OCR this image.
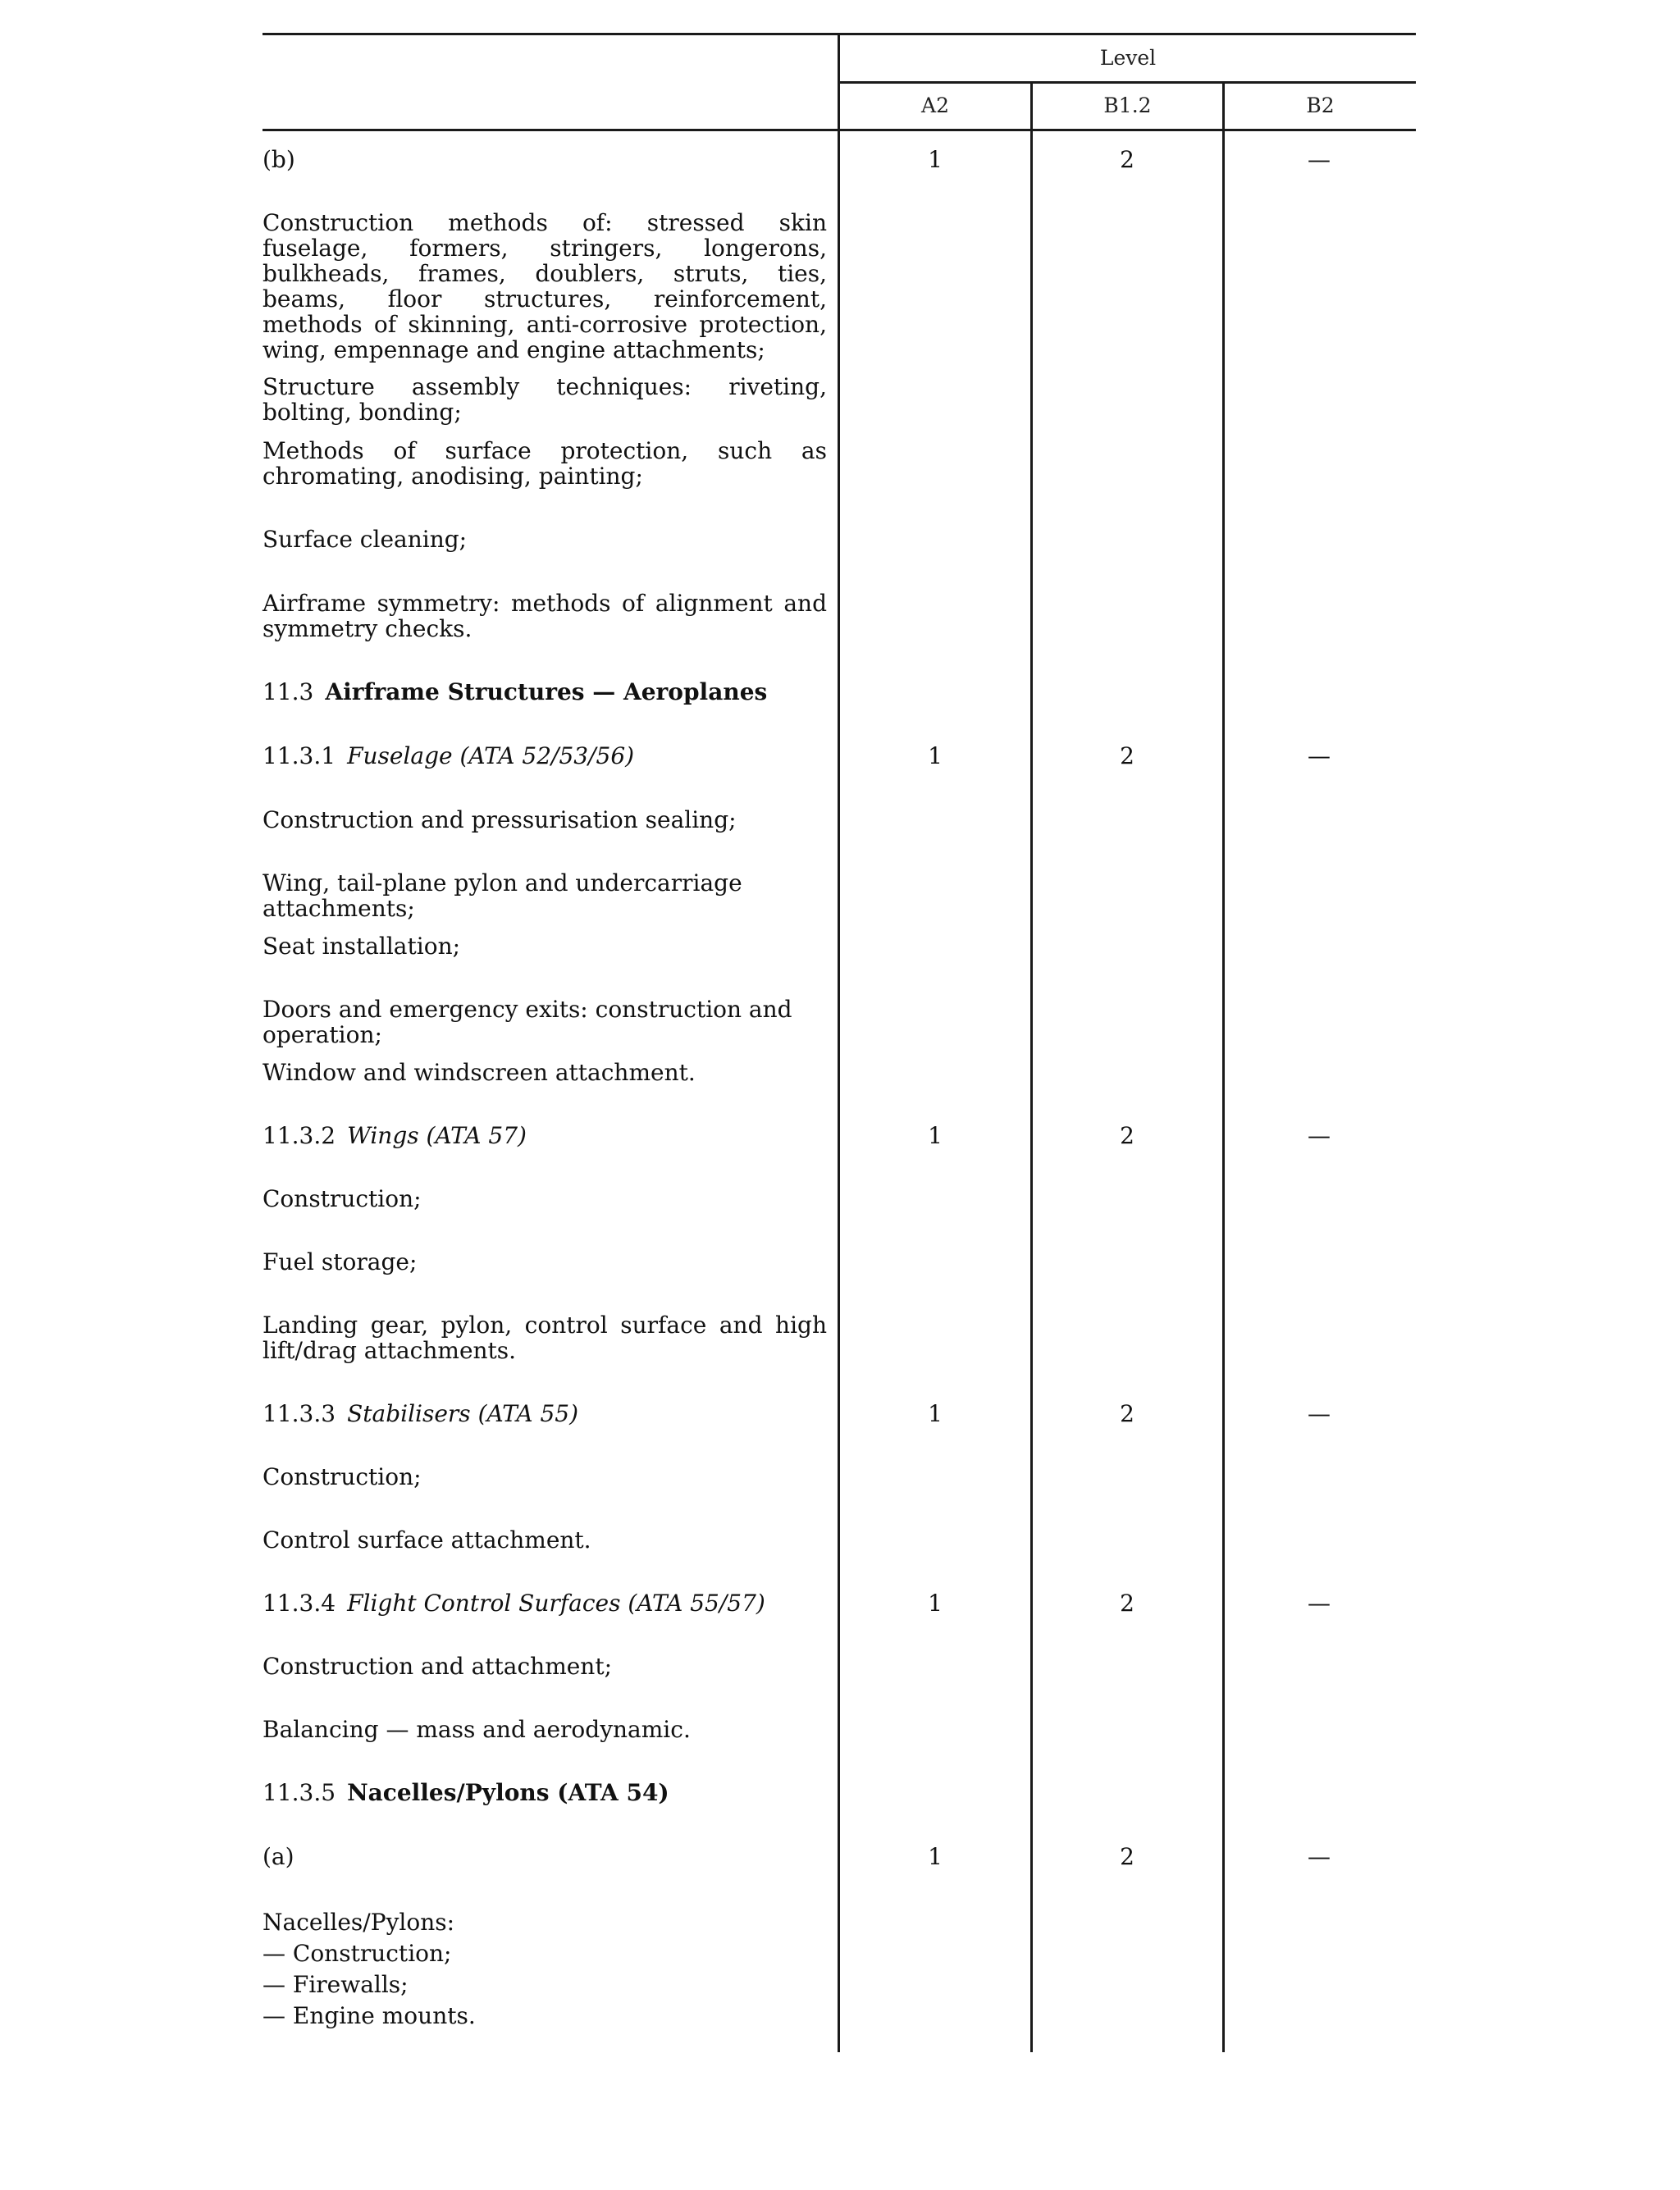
Level
A2	B1.2	B2
(b)	1	2	—
Construction methods of: stressed skin fuselage, formers, stringers, longerons, bulkheads, frames, doublers, struts, ties, beams, floor structures, reinforcement, methods of skinning, anti-corrosive protection, wing, empennage and engine attachments;
Structure assembly techniques: riveting, bolting, bonding;
Methods of surface protection, such as chromating, anodising, painting;
Surface cleaning;
Airframe symmetry: methods of alignment and symmetry checks.
11.3 Airframe Structures — Aeroplanes
11.3.1 Fuselage (ATA 52/53/56)	1	2	—
Construction and pressurisation sealing;
Wing, tail-plane pylon and undercarriage attachments;
Seat installation;
Doors and emergency exits: construction and operation;
Window and windscreen attachment.
11.3.2 Wings (ATA 57)	1	2	—
Construction;
Fuel storage;
Landing gear, pylon, control surface and high lift/drag attachments.
11.3.3 Stabilisers (ATA 55)	1	2	—
Construction;
Control surface attachment.
11.3.4 Flight Control Surfaces (ATA 55/57)	1	2	—
Construction and attachment;
Balancing — mass and aerodynamic.
11.3.5 Nacelles/Pylons (ATA 54)
(a)	1	2	—
Nacelles/Pylons:
— Construction;
— Firewalls;
— Engine mounts.
